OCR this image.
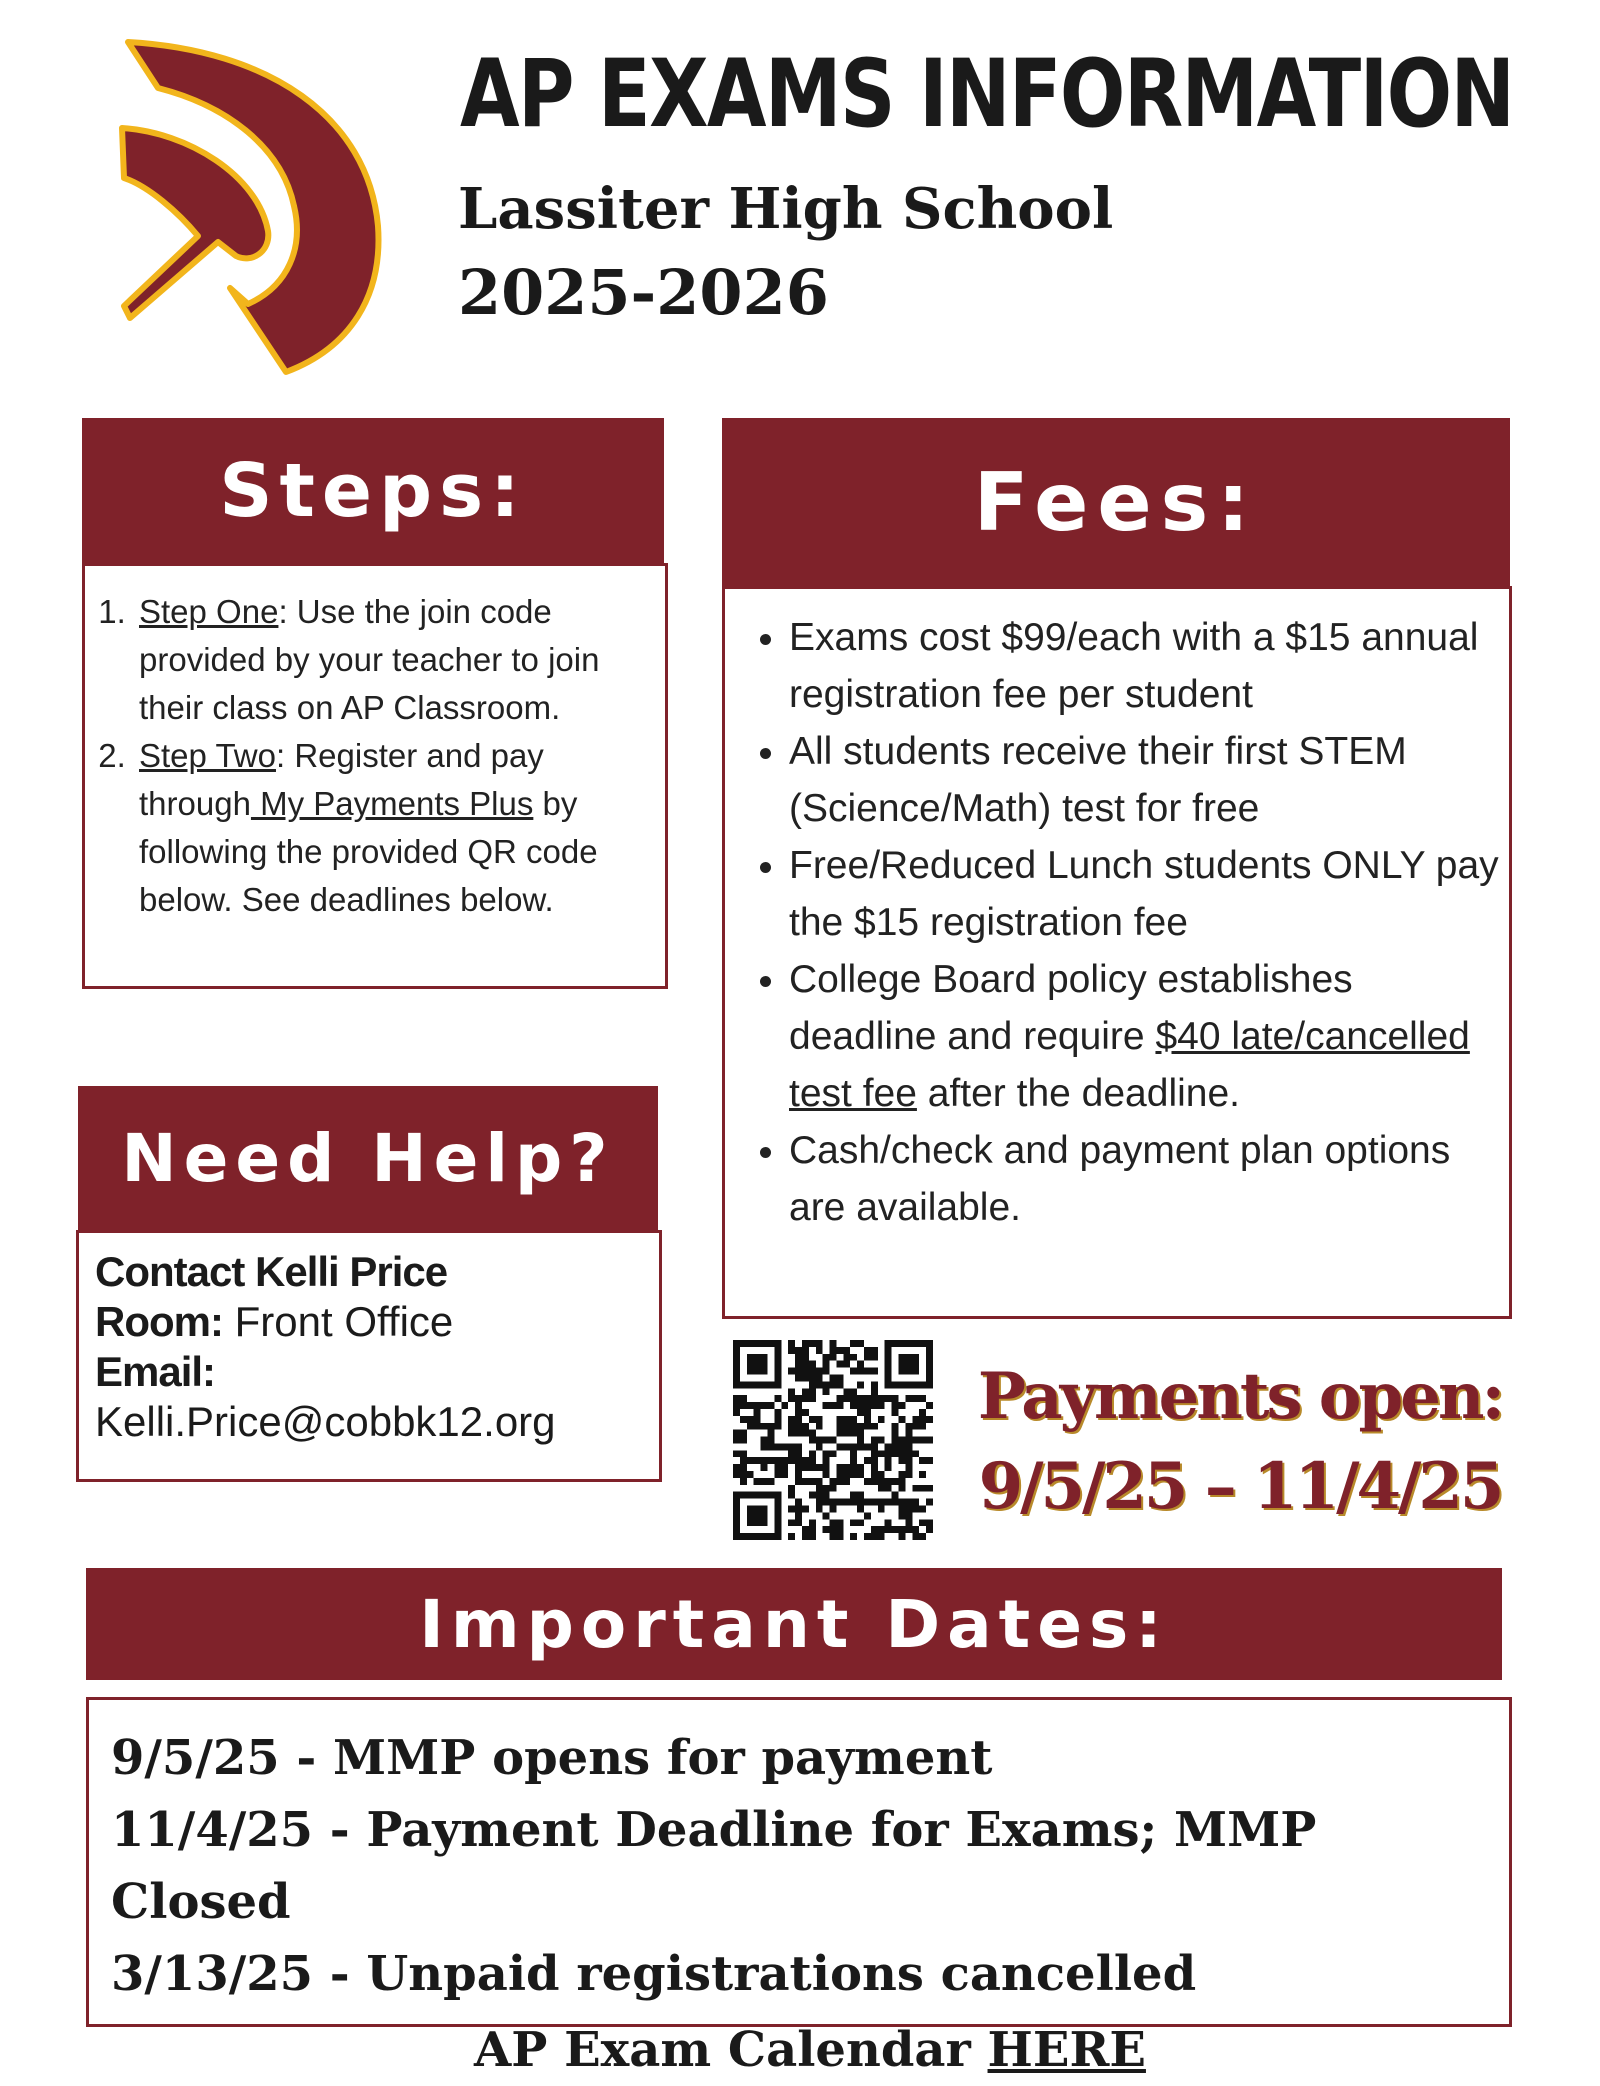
AP EXAMS INFORMATION
Lassiter High School
2025-2026
Steps:
1. Step One: Use the join code provided by your teacher to join their class on AP Classroom.
2. Step Two: Register and pay through My Payments Plus by following the provided QR code below. See deadlines below.
Fees:
• Exams cost $99/each with a $15 annual registration fee per student
• All students receive their first STEM (Science/Math) test for free
• Free/Reduced Lunch students ONLY pay the $15 registration fee
• College Board policy establishes deadline and require $40 late/cancelled test fee after the deadline.
• Cash/check and payment plan options are available.
Need Help?
Contact Kelli Price
Room: Front Office
Email:
Kelli.Price@cobbk12.org	Payments open:
9/5/25 – 11/4/25
Important Dates:
9/5/25 - MMP opens for payment
11/4/25 - Payment Deadline for Exams; MMP Closed
3/13/25 - Unpaid registrations cancelled
AP Exam Calendar HERE
